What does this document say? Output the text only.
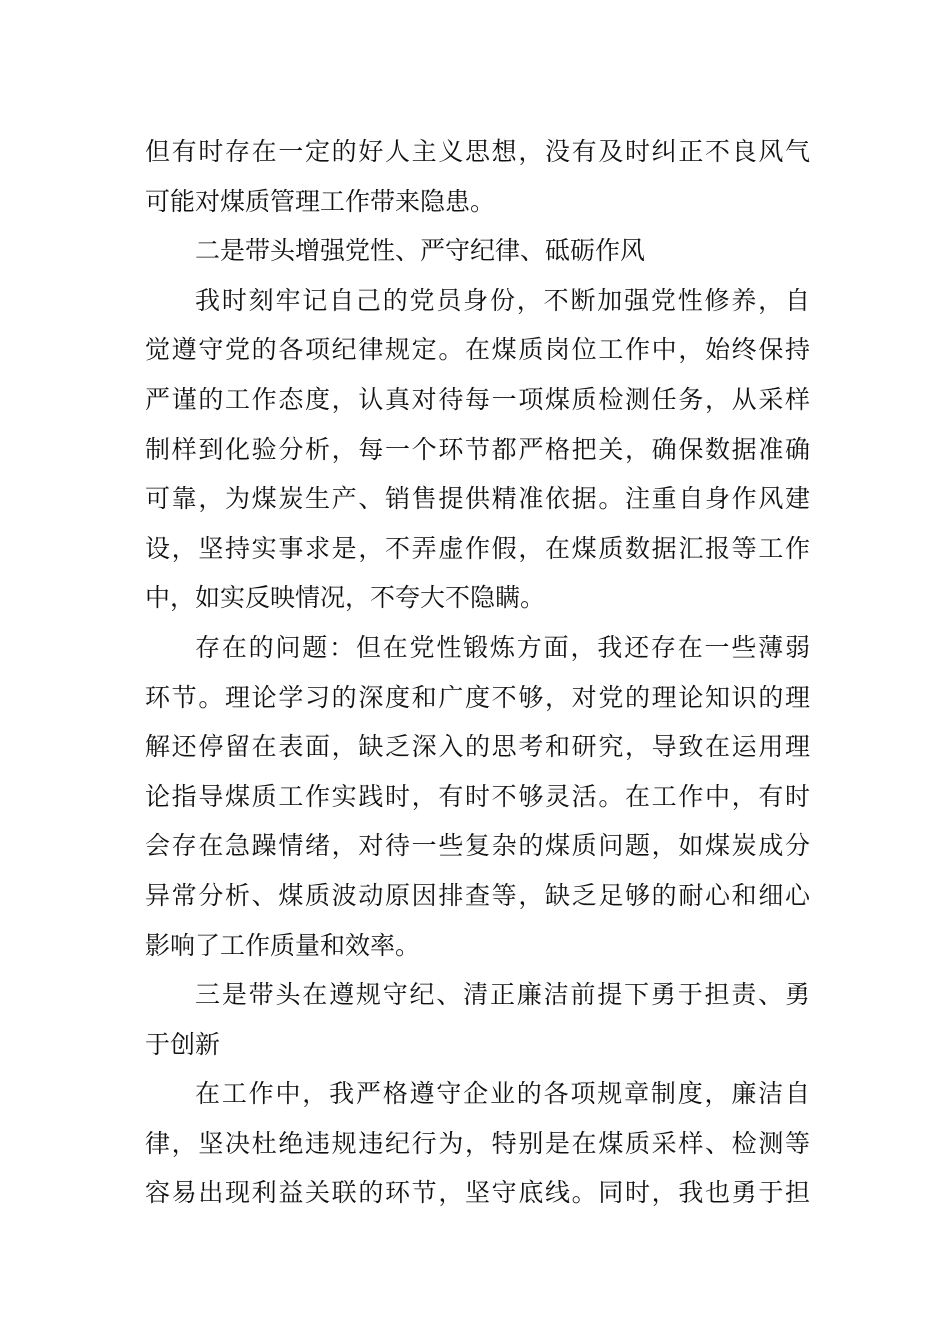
但有时存在一定的好人主义思想，没有及时纠正不良风气
可能对煤质管理工作带来隐患。
二是带头增强党性、严守纪律、砥砺作风
我时刻牢记自己的党员身份，不断加强党性修养，自
觉遵守党的各项纪律规定。在煤质岗位工作中，始终保持
严谨的工作态度，认真对待每一项煤质检测任务，从采样
制样到化验分析，每一个环节都严格把关，确保数据准确
可靠，为煤炭生产、销售提供精准依据。注重自身作风建
设，坚持实事求是，不弄虚作假，在煤质数据汇报等工作
中，如实反映情况，不夸大不隐瞒。
存在的问题：但在党性锻炼方面，我还存在一些薄弱
环节。理论学习的深度和广度不够，对党的理论知识的理
解还停留在表面，缺乏深入的思考和研究，导致在运用理
论指导煤质工作实践时，有时不够灵活。在工作中，有时
会存在急躁情绪，对待一些复杂的煤质问题，如煤炭成分
异常分析、煤质波动原因排查等，缺乏足够的耐心和细心
影响了工作质量和效率。
三是带头在遵规守纪、清正廉洁前提下勇于担责、勇
于创新
在工作中，我严格遵守企业的各项规章制度，廉洁自
律，坚决杜绝违规违纪行为，特别是在煤质采样、检测等
容易出现利益关联的环节，坚守底线。同时，我也勇于担
